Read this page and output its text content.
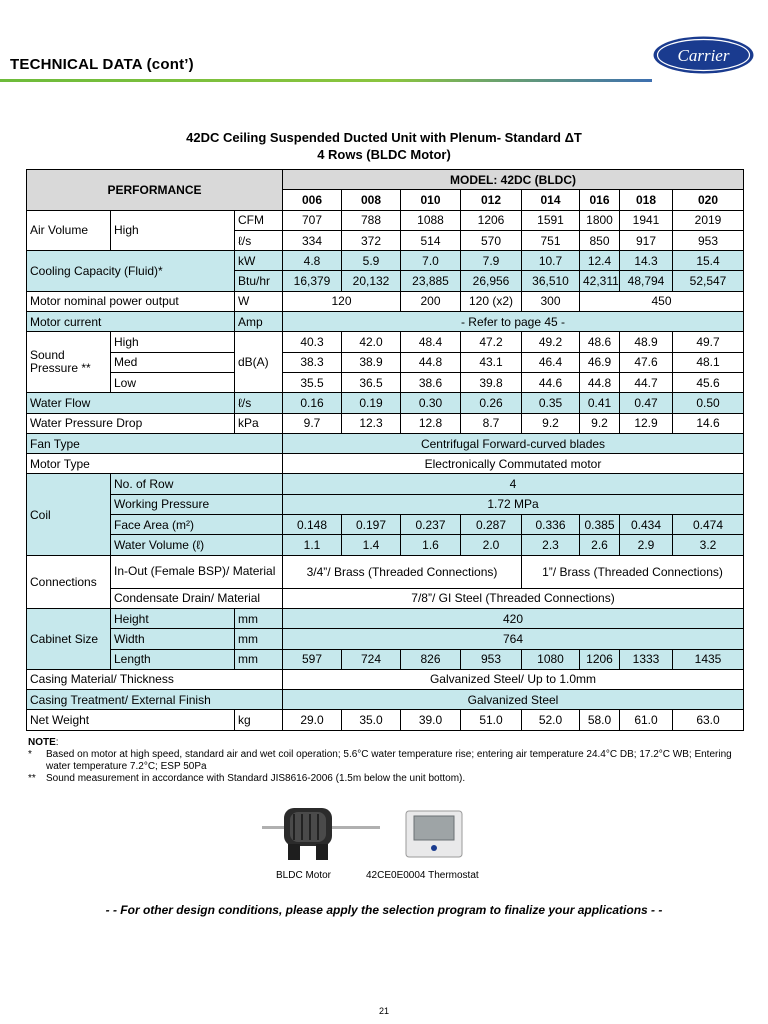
TECHNICAL DATA (cont’)	Carrier
42DC Ceiling Suspended Ducted Unit with Plenum- Standard ΔT
4 Rows (BLDC Motor)
PERFORMANCE			MODEL: 42DC (BLDC)							
			006	008	010	012	014	016	018	020
Air Volume	High	CFM	707	788	1088	1206	1591	1800	1941	2019
		ℓ/s	334	372	514	570	751	850	917	953
Cooling Capacity (Fluid)*		kW	4.8	5.9	7.0	7.9	10.7	12.4	14.3	15.4
		Btu/hr	16,379	20,132	23,885	26,956	36,510	42,311	48,794	52,547
Motor nominal power output		W	120		200	120 (x2)	300	450		
Motor current		Amp	- Refer to page 45 -							
Sound Pressure **	High	dB(A)	40.3	42.0	48.4	47.2	49.2	48.6	48.9	49.7
	Med		38.3	38.9	44.8	43.1	46.4	46.9	47.6	48.1
	Low		35.5	36.5	38.6	39.8	44.6	44.8	44.7	45.6
Water Flow		ℓ/s	0.16	0.19	0.30	0.26	0.35	0.41	0.47	0.50
Water Pressure Drop		kPa	9.7	12.3	12.8	8.7	9.2	9.2	12.9	14.6
Fan Type			Centrifugal Forward-curved blades							
Motor Type			Electronically Commutated motor							
Coil	No. of Row		4							
	Working Pressure		1.72 MPa							
	Face Area (m²)		0.148	0.197	0.237	0.287	0.336	0.385	0.434	0.474
	Water Volume (ℓ)		1.1	1.4	1.6	2.0	2.3	2.6	2.9	3.2
Connections	In-Out (Female BSP)/ Material		3/4”/ Brass (Threaded Connections)				1”/ Brass (Threaded Connections)			
	Condensate Drain/ Material		7/8”/ GI Steel (Threaded Connections)							
Cabinet Size	Height	mm	420							
	Width	mm	764							
	Length	mm	597	724	826	953	1080	1206	1333	1435
Casing Material/ Thickness			Galvanized Steel/ Up to 1.0mm							
Casing Treatment/ External Finish			Galvanized Steel							
Net Weight		kg	29.0	35.0	39.0	51.0	52.0	58.0	61.0	63.0
NOTE:
*	Based on motor at high speed, standard air and wet coil operation; 5.6°C water temperature rise; entering air temperature 24.4°C DB; 17.2°C WB; Entering water temperature 7.2°C; ESP 50Pa
**	Sound measurement in accordance with Standard JIS8616-2006 (1.5m below the unit bottom).
BLDC Motor	42CE0E0004 Thermostat
- - For other design conditions, please apply the selection program to finalize your applications - -
21
